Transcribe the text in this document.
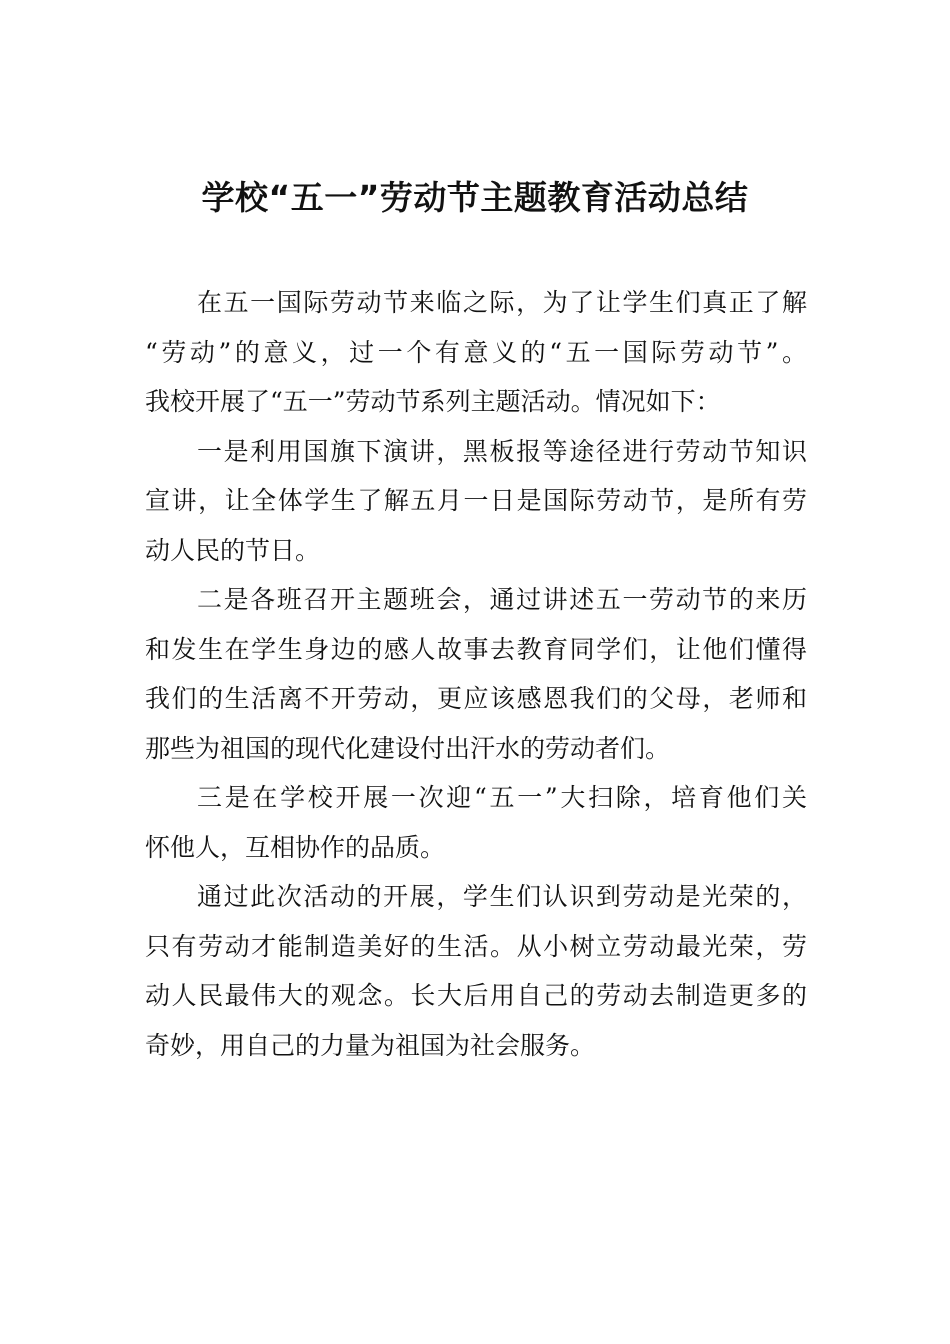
学校“五一”劳动节主题教育活动总结
在五一国际劳动节来临之际，为了让学生们真正了解
“劳动”的意义，过一个有意义的“五一国际劳动节”。
我校开展了“五一”劳动节系列主题活动。情况如下：
一是利用国旗下演讲，黑板报等途径进行劳动节知识
宣讲，让全体学生了解五月一日是国际劳动节，是所有劳
动人民的节日。
二是各班召开主题班会，通过讲述五一劳动节的来历
和发生在学生身边的感人故事去教育同学们，让他们懂得
我们的生活离不开劳动，更应该感恩我们的父母，老师和
那些为祖国的现代化建设付出汗水的劳动者们。
三是在学校开展一次迎“五一”大扫除，培育他们关
怀他人，互相协作的品质。
通过此次活动的开展，学生们认识到劳动是光荣的，
只有劳动才能制造美好的生活。从小树立劳动最光荣，劳
动人民最伟大的观念。长大后用自己的劳动去制造更多的
奇妙，用自己的力量为祖国为社会服务。
